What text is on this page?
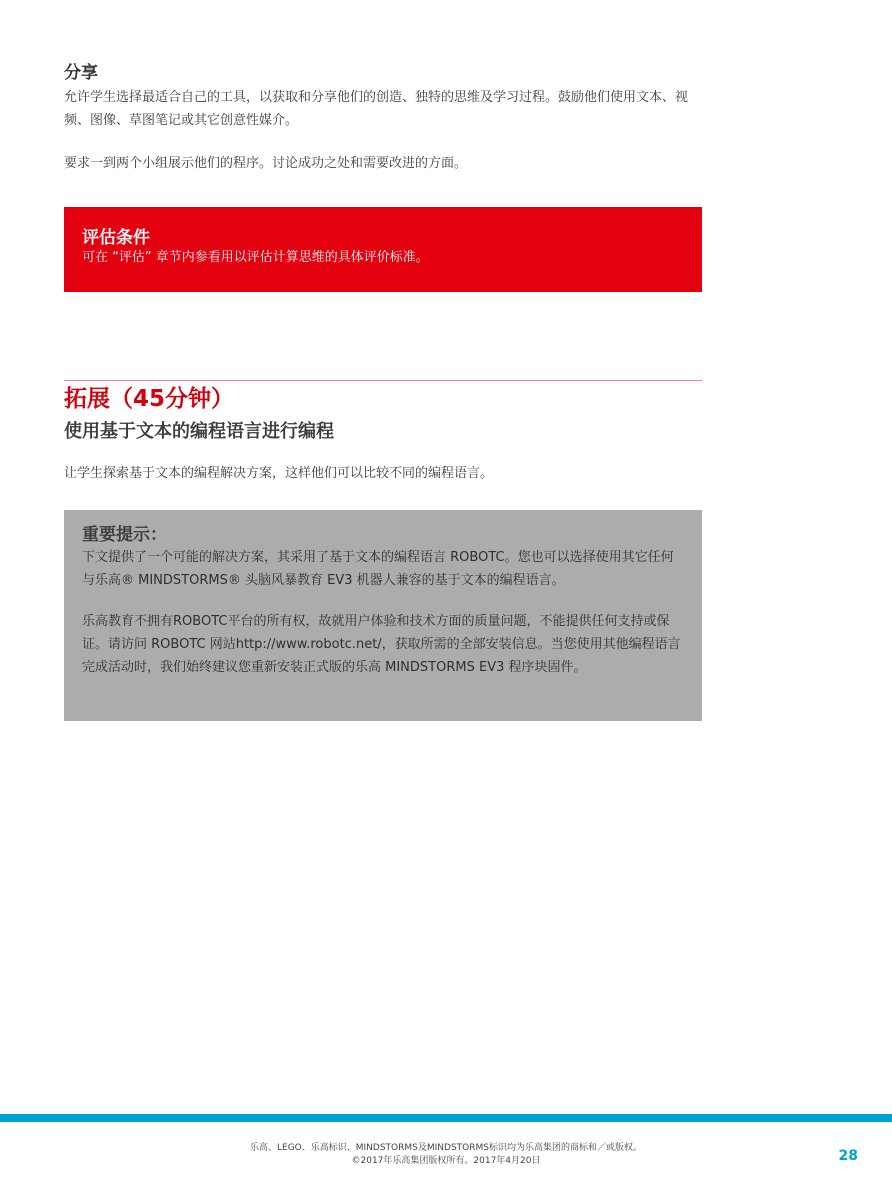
分享

允许学生选择最适合自己的工具，以获取和分享他们的创造、独特的思维及学习过程。鼓励他们使用文本、视频、图像、草图笔记或其它创意性媒介。

要求一到两个小组展示他们的程序。讨论成功之处和需要改进的方面。

评估条件

可在 “评估” 章节内参看用以评估计算思维的具体评价标准。

拓展（45分钟）
使用基于文本的编程语言进行编程

让学生探索基于文本的编程解决方案，这样他们可以比较不同的编程语言。

重要提示：

下文提供了一个可能的解决方案，其采用了基于文本的编程语言 ROBOTC。您也可以选择使用其它任何与乐高® MINDSTORMS® 头脑风暴教育 EV3 机器人兼容的基于文本的编程语言。

乐高教育不拥有ROBOTC平台的所有权，故就用户体验和技术方面的质量问题，不能提供任何支持或保证。请访问 ROBOTC 网站http://www.robotc.net/，获取所需的全部安装信息。当您使用其他编程语言完成活动时，我们始终建议您重新安装正式版的乐高 MINDSTORMS EV3 程序块固件。

乐高、LEGO、乐高标识、MINDSTORMS及MINDSTORMS标识均为乐高集团的商标和／或版权。
©2017年乐高集团版权所有。2017年4月20日	28
